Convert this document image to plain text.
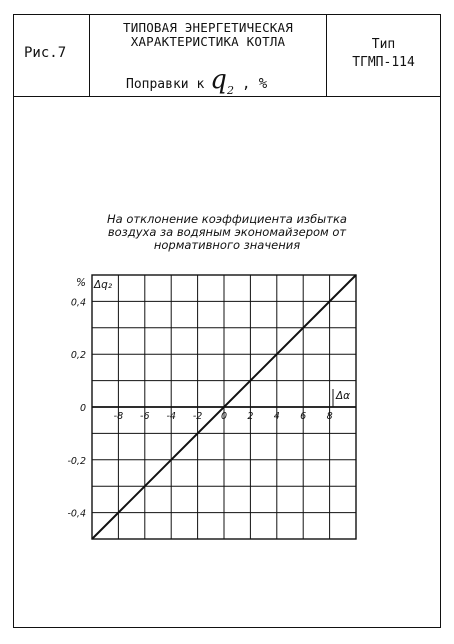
Рис.7
ТИПОВАЯ ЭНЕРГЕТИЧЕСКАЯ
ХАРАКТЕРИСТИКА КОТЛА
Поправки к $q_2$ , %
Тип
ТГМП-114
На отклонение коэффициента избытка
воздуха за водяным экономайзером от
нормативного значения
0,4
0,2
0
-0,2
-0,4
-8 -6 -4 -2 0 2 4 6 8
% Δq₂
Δα
